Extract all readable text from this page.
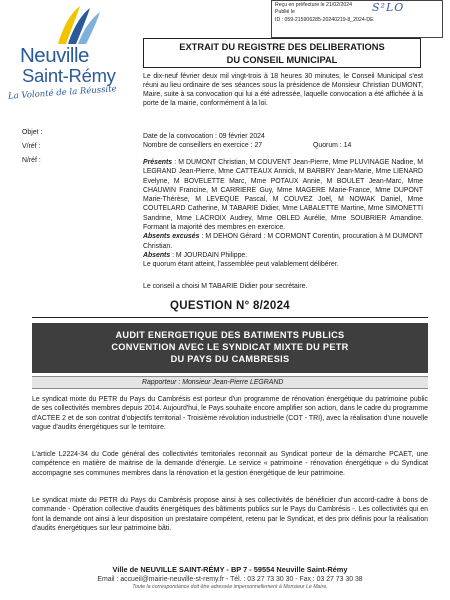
Reçu en préfecture le 21/02/2024
Publié le
ID : 059-215906285-20240219-8_2024-DE
S²LO
Neuville
Saint-Rémy
La Volonté de la Réussite
EXTRAIT DU REGISTRE DES DELIBERATIONS
DU CONSEIL MUNICIPAL
Le dix-neuf février deux mil vingt-trois à 18 heures 30 minutes, le Conseil Municipal s'est réuni au lieu ordinaire de ses séances sous la présidence de Monsieur Christian DUMONT, Maire, suite à sa convocation qui lui a été adressée, laquelle convocation a été affichée à la porte de la mairie, conformément à la loi.
Objet :
V/réf :
N/réf :
Date de la convocation : 09 février 2024
Nombre de conseillers en exercice : 27	Quorum : 14

Présents : M DUMONT Christian, M COUVENT Jean-Pierre, Mme PLUVINAGE Nadine, M LEGRAND Jean-Pierre, Mme CATTEAUX Annick, M BARBRY Jean-Marie, Mme LIENARD Evelyne, M BOVELETTE Marc, Mme POTAUX Annie, M BOULET Jean-Marc, Mme CHAUWIN Francine, M CARRIERE Guy, Mme MAGERE Marie-France, Mme DUPONT Marie-Thérèse, M LEVEQUE Pascal, M COUVEZ Joël, M NOWAK Daniel, Mme COUTELARD Catherine, M TABARIE Didier, Mme LABALETTE Martine, Mme SIMONETTI Sandrine, Mme LACROIX Audrey, Mme OBLED Aurélie, Mme SOUBRIER Amandine. Formant la majorité des membres en exercice.

Absents excusés : M DEHON Gérard : M CORMONT Corentin, procuration à M DUMONT Christian.

Absents : M JOURDAIN Philippe.

Le quorum étant atteint, l'assemblée peut valablement délibérer.

Le conseil a choisi M TABARIE Didier pour secrétaire.
QUESTION N° 8/2024
AUDIT ENERGETIQUE DES BATIMENTS PUBLICS
CONVENTION AVEC LE SYNDICAT MIXTE DU PETR
DU PAYS DU CAMBRESIS
Rapporteur : Monsieur Jean-Pierre LEGRAND
Le syndicat mixte du PETR du Pays du Cambrésis est porteur d'un programme de rénovation énergétique du patrimoine public de ses collectivités membres depuis 2014. Aujourd'hui, le Pays souhaite encore amplifier son action, dans le cadre du programme d'ACTEE 2 et de son contrat d'objectifs territorial - Troisième révolution industrielle (COT - TRI), avec la réalisation d'une nouvelle vague d'audits énergétiques sur le territoire.
L'article L2224-34 du Code général des collectivités territoriales reconnait au Syndicat porteur de la démarche PCAET, une compétence en matière de maitrise de la demande d'énergie. Le service « patrimoine - rénovation énergétique » du Syndicat accompagne ses communes membres dans la rénovation et la gestion énergétique de leur patrimoine.
Le syndicat mixte du PETR du Pays du Cambrésis propose ainsi à ses collectivités de bénéficier d'un accord-cadre à bons de commande - Opération collective d'audits énergétiques des bâtiments publics sur le Pays du Cambrésis -. Les collectivités qui en font la demande ont ainsi à leur disposition un prestataire compétent, retenu par le Syndicat, et des prix définis pour la réalisation d'audits énergétiques sur leur patrimoine bâti.
Ville de NEUVILLE SAINT-RÉMY - BP 7 - 59554 Neuville Saint-Rémy
Email : accueil@mairie-neuville-st-remy.fr - Tél. : 03 27 73 30 30 - Fax : 03 27 73 30 38
Toute la correspondance doit être adressée impersonnellement à Monsieur Le Maire.
